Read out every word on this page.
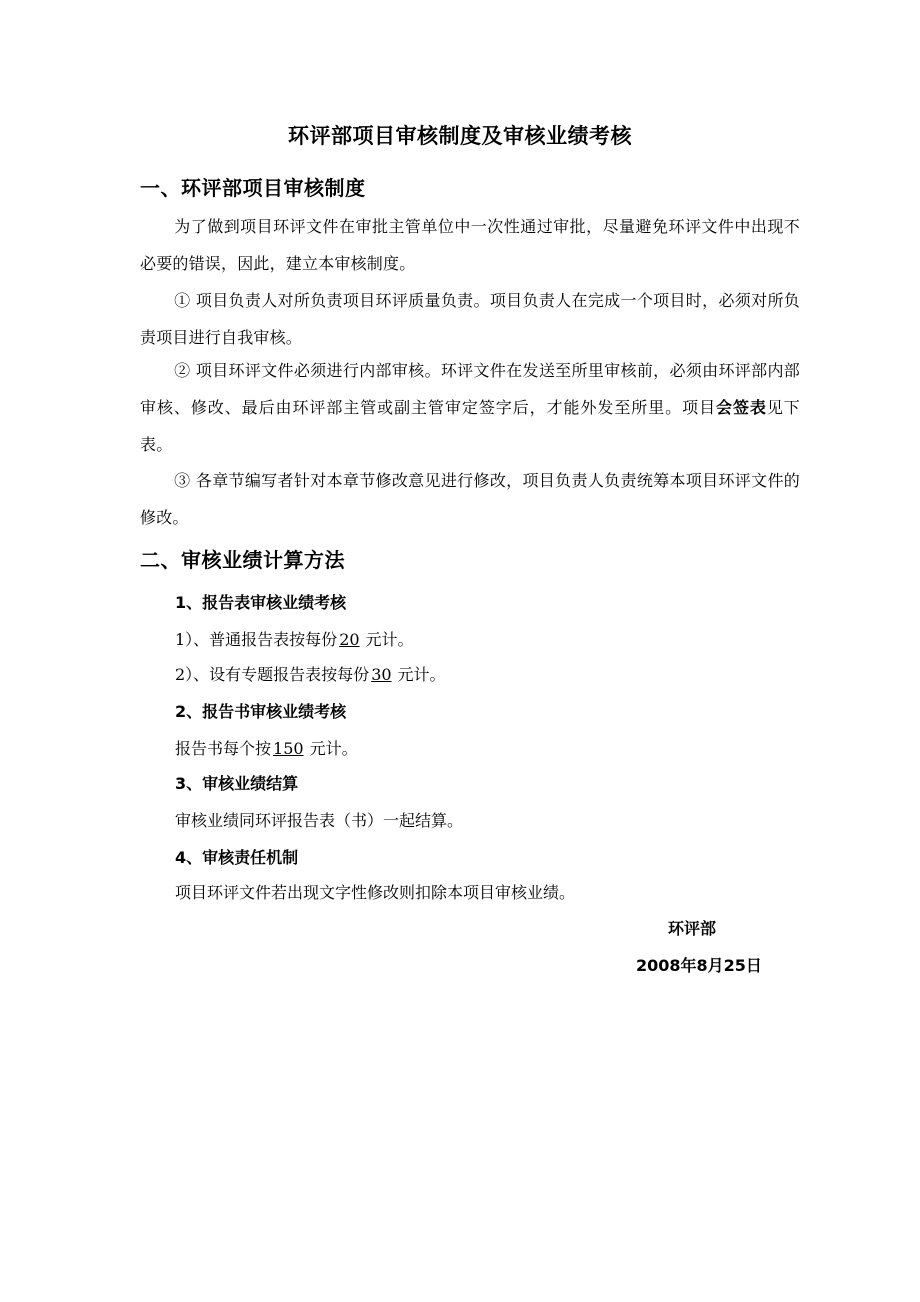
环评部项目审核制度及审核业绩考核
一、环评部项目审核制度
为了做到项目环评文件在审批主管单位中一次性通过审批，尽量避免环评文件中出现不必要的错误，因此，建立本审核制度。
① 项目负责人对所负责项目环评质量负责。项目负责人在完成一个项目时，必须对所负责项目进行自我审核。
② 项目环评文件必须进行内部审核。环评文件在发送至所里审核前，必须由环评部内部审核、修改、最后由环评部主管或副主管审定签字后，才能外发至所里。项目会签表见下表。
③ 各章节编写者针对本章节修改意见进行修改，项目负责人负责统筹本项目环评文件的修改。
二、审核业绩计算方法
1、报告表审核业绩考核
1）、普通报告表按每份 20 元计。
2）、设有专题报告表按每份 30 元计。
2、报告书审核业绩考核
报告书每个按 150 元计。
3、审核业绩结算
审核业绩同环评报告表（书）一起结算。
4、审核责任机制
项目环评文件若出现文字性修改则扣除本项目审核业绩。
环评部
2008年8月25日
